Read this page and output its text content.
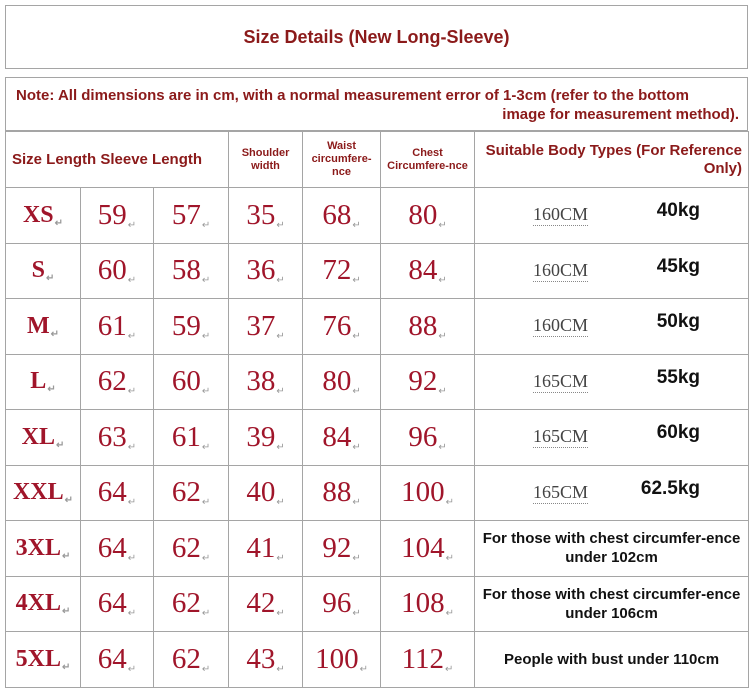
Size Details (New Long-Sleeve)
Note: All dimensions are in cm, with a normal measurement error of 1-3cm (refer to the bottom
image for measurement method).
Size Length Sleeve Length			Shoulder width	Waist circumfere-nce	Chest Circumfere-nce	Suitable Body Types (For Reference Only)
XS↵	59↵	57↵	35↵	68↵	80↵	160CM 40kg

S↵	60↵	58↵	36↵	72↵	84↵	160CM 45kg

M↵	61↵	59↵	37↵	76↵	88↵	160CM 50kg

L↵	62↵	60↵	38↵	80↵	92↵	165CM 55kg

XL↵	63↵	61↵	39↵	84↵	96↵	165CM 60kg

XXL↵	64↵	62↵	40↵	88↵	100↵	165CM 62.5kg

3XL↵	64↵	62↵	41↵	92↵	104↵	For those with chest circumfer-ence under 102cm
4XL↵	64↵	62↵	42↵	96↵	108↵	For those with chest circumfer-ence under 106cm
5XL↵	64↵	62↵	43↵	100↵	112↵	People with bust under 110cm
